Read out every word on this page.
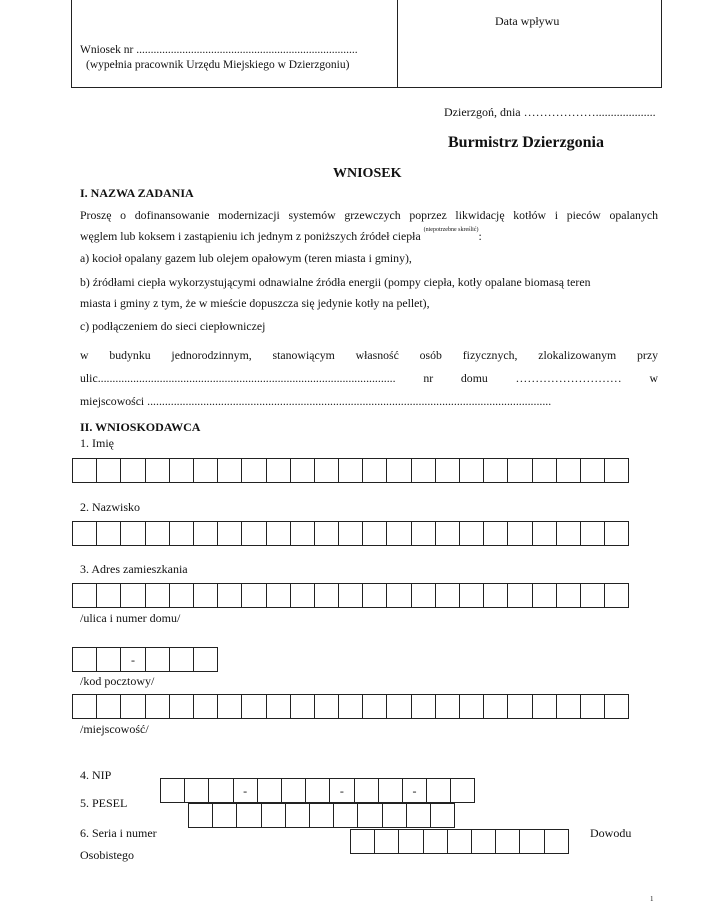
Data wpływu
Wniosek nr .............................................................................
(wypełnia pracownik Urzędu Miejskiego w Dzierzgoniu)
Dzierzgoń, dnia ………………....................
Burmistrz Dzierzgonia
WNIOSEK
I. NAZWA ZADANIA
Proszę o dofinansowanie modernizacji systemów grzewczych poprzez likwidację kotłów i pieców opalanych
węglem lub koksem i zastąpieniu ich jednym z poniższych źródeł ciepła $^{(niepotrzebne skreślić)}$:
a) kocioł opalany gazem lub olejem opałowym (teren miasta i gminy),
b) źródłami ciepła wykorzystującymi odnawialne źródła energii (pompy ciepła, kotły opalane biomasą teren
miasta i gminy z tym, że w mieście dopuszcza się jedynie kotły na pellet),
c) podłączeniem do sieci ciepłowniczej
w budynku jednorodzinnym, stanowiącym własność osób fizycznych, zlokalizowanym przy
ulic..................................................................................................... nr domu ……………………… w
miejscowości .........................................................................................................................................
II. WNIOSKODAWCA
1. Imię
2. Nazwisko
3. Adres zamieszkania
/ulica i numer domu/
-
/kod pocztowy/
/miejscowość/
4. NIP
-	-	-
5. PESEL
6. Seria i numer	Dowodu
Osobistego
1
